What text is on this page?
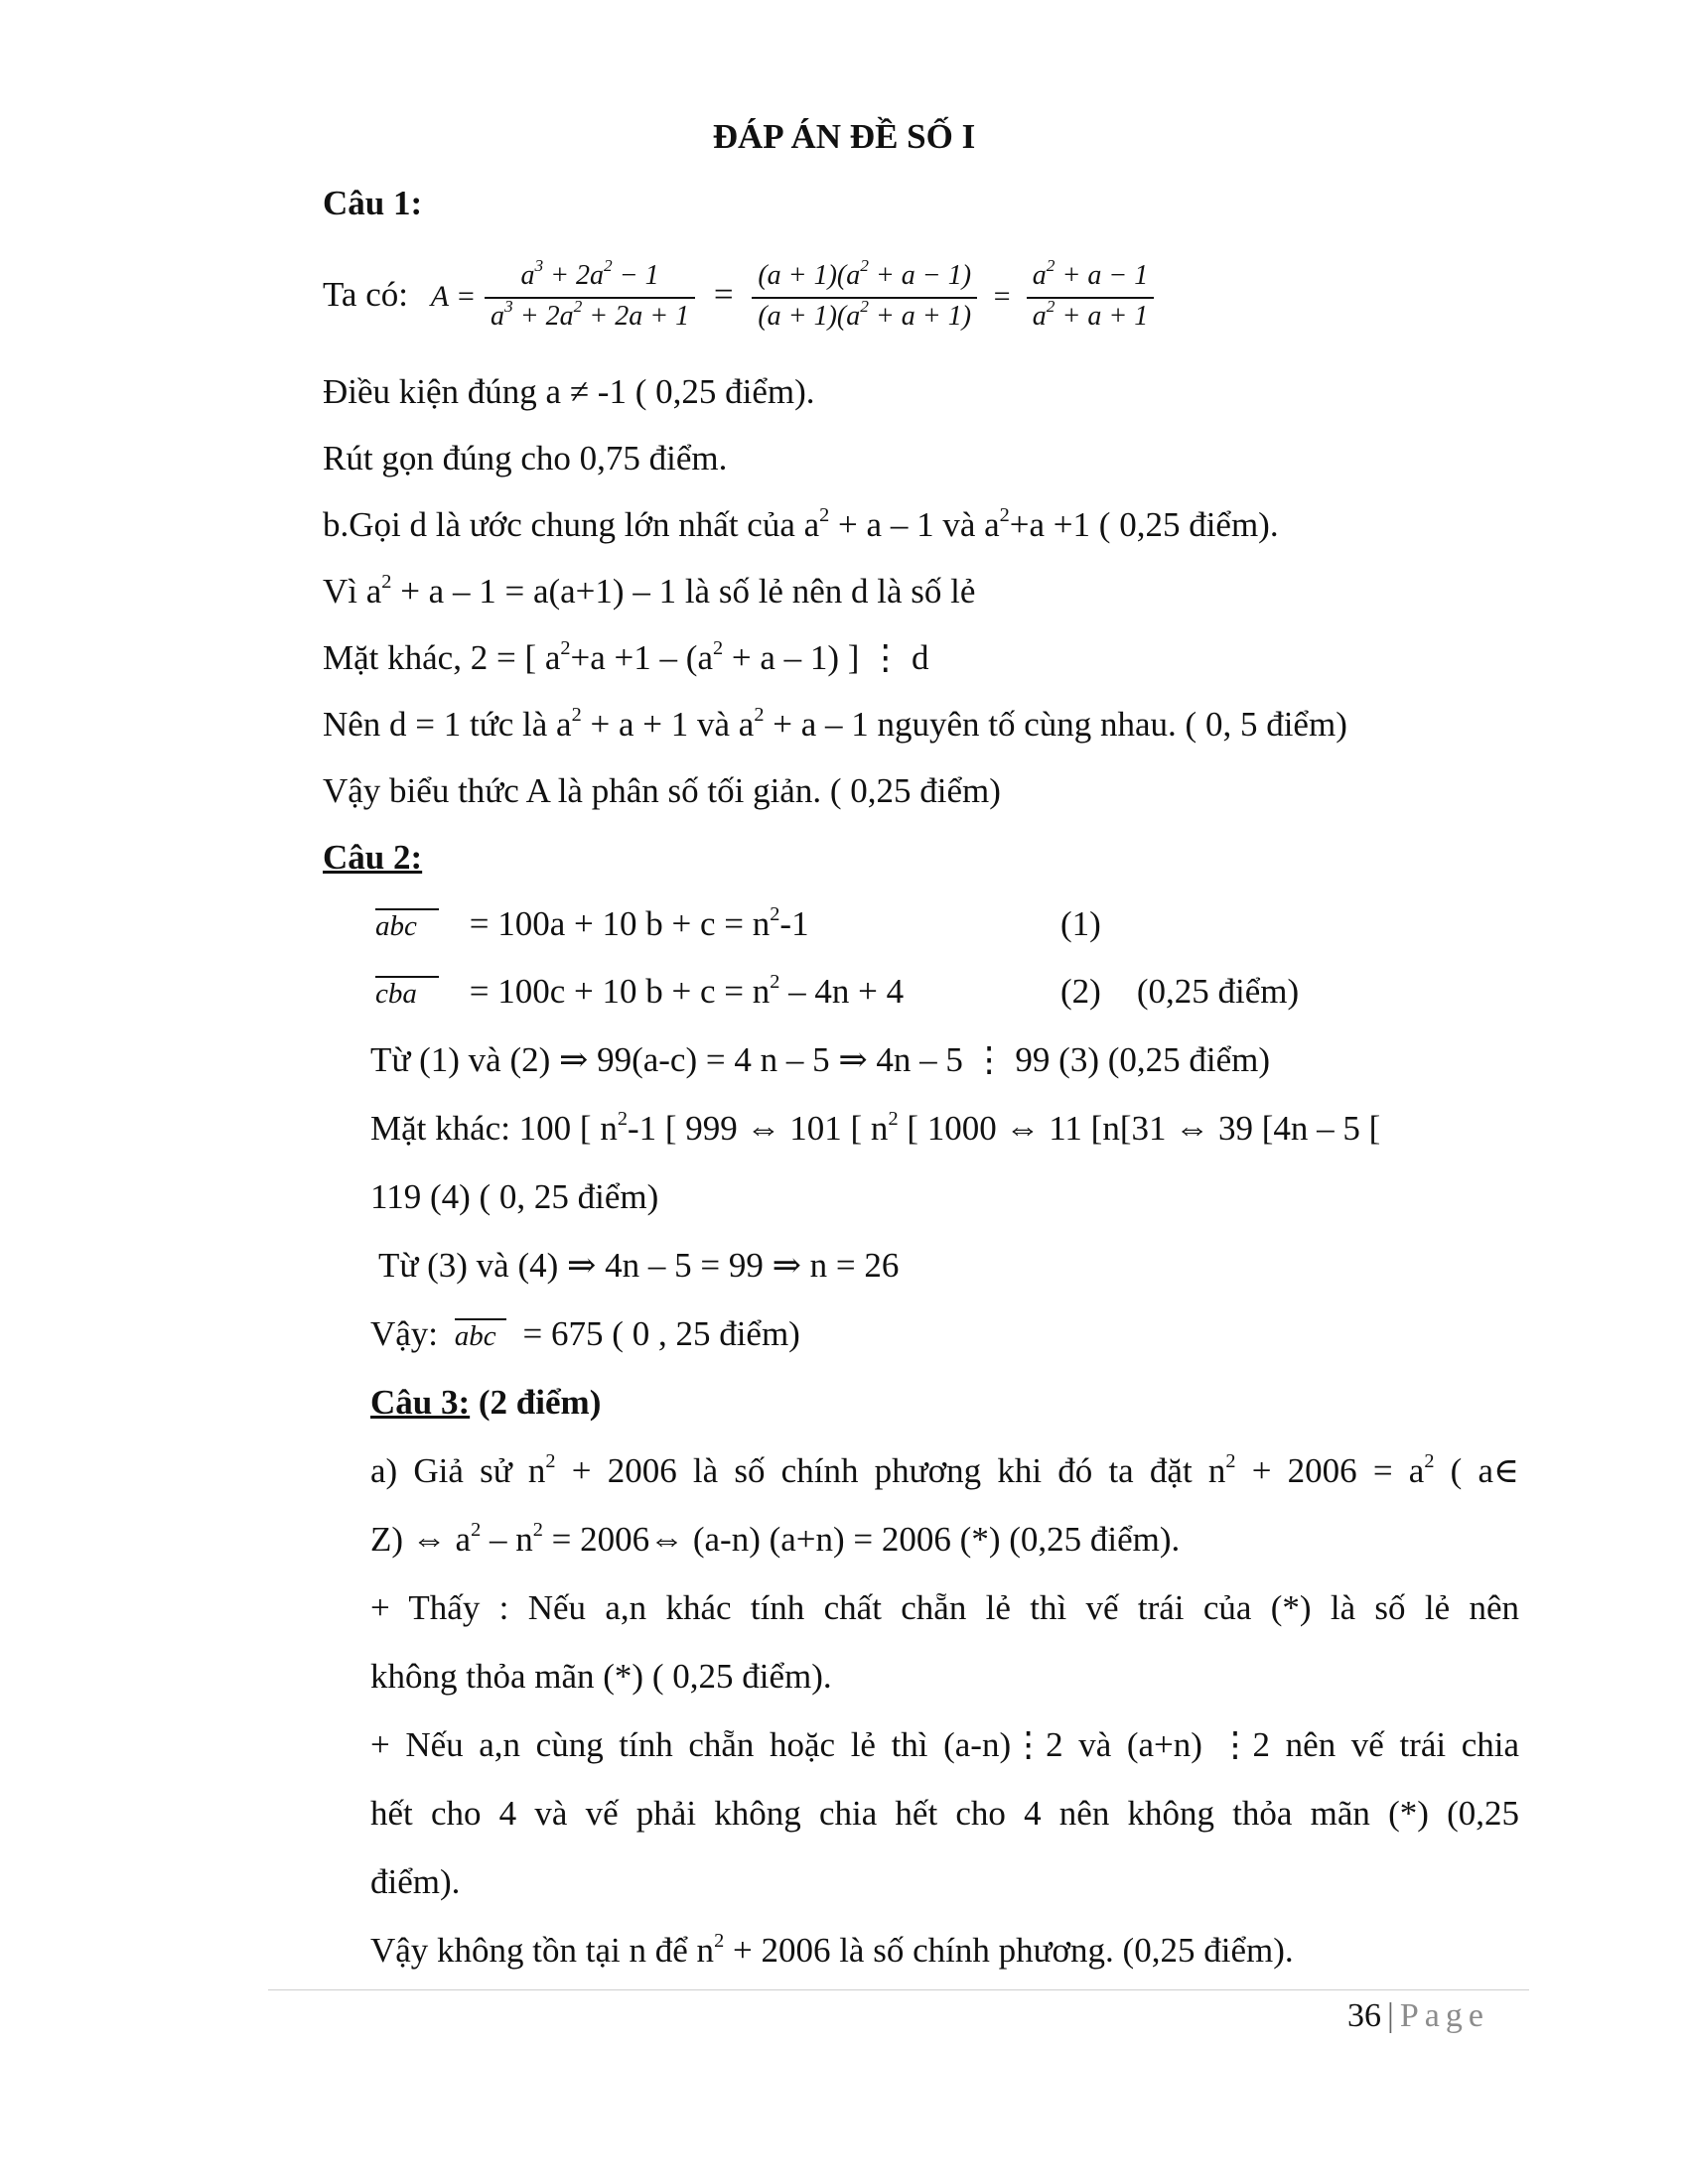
ĐÁP ÁN ĐỀ SỐ I
Câu 1:
Ta có: $A = \frac{a^3 + 2a^2 - 1}{a^3 + 2a^2 + 2a + 1} = \frac{(a + 1)(a^2 + a - 1)}{(a + 1)(a^2 + a + 1)} = \frac{a^2 + a - 1}{a^2 + a + 1}$
Điều kiện đúng a ≠ -1 ( 0,25 điểm).
Rút gọn đúng cho 0,75 điểm.
b.Gọi d là ước chung lớn nhất của $a^2 + a - 1$ và $a^2+a +1$ ( 0,25 điểm).
Vì $a^2 + a - 1 = a(a+1) - 1$ là số lẻ nên d là số lẻ
Mặt khác, 2 = [ $a^2+a +1 - (a^2 + a - 1)$ ] ⋮ d
Nên d = 1 tức là $a^2 + a + 1$ và $a^2 + a - 1$ nguyên tố cùng nhau. ( 0, 5 điểm)
Vậy biểu thức A là phân số tối giản. ( 0,25 điểm)
Câu 2:
abc = 100a + 10 $b + c = n^2-1$	(1)
cba = 100c + 10 $b + c = n^2 - 4n + 4$	(2) (0,25 điểm)
Từ (1) và (2) ⇒ 99(a-c) = 4 n – 5 ⇒ 4n – 5 ⋮ 99 (3) (0,25 điểm)
Mặt khác: 100 [ $n^2-1$ [ 999 ⇔ 101 [ $n^2$ [ 1000 ⇔ 11 [n[31 ⇔ 39 [4n – 5 [
119 (4) ( 0, 25 điểm)
Từ (3) và (4) ⇒ 4n – 5 = 99 ⇒ n = 26
Vậy: abc = 675 ( 0 , 25 điểm)
Câu 3: (2 điểm)
a) Giả sử $n^2 + 2006$ là số chính phương khi đó ta đặt $n^2 + 2006 = a^2$ ( a∈
Z) ⇔ $a^2 - n^2$ = 2006⇔ (a-n) (a+n) = 2006 (*) (0,25 điểm).
+ Thấy : Nếu a,n khác tính chất chẵn lẻ thì vế trái của (*) là số lẻ nên
không thỏa mãn (*) ( 0,25 điểm).
+ Nếu a,n cùng tính chẵn hoặc lẻ thì (a-n)⋮2 và (a+n) ⋮2 nên vế trái chia
hết cho 4 và vế phải không chia hết cho 4 nên không thỏa mãn (*) (0,25
điểm).
Vậy không tồn tại n để $n^2 + 2006$ là số chính phương. (0,25 điểm).
36 | Page
